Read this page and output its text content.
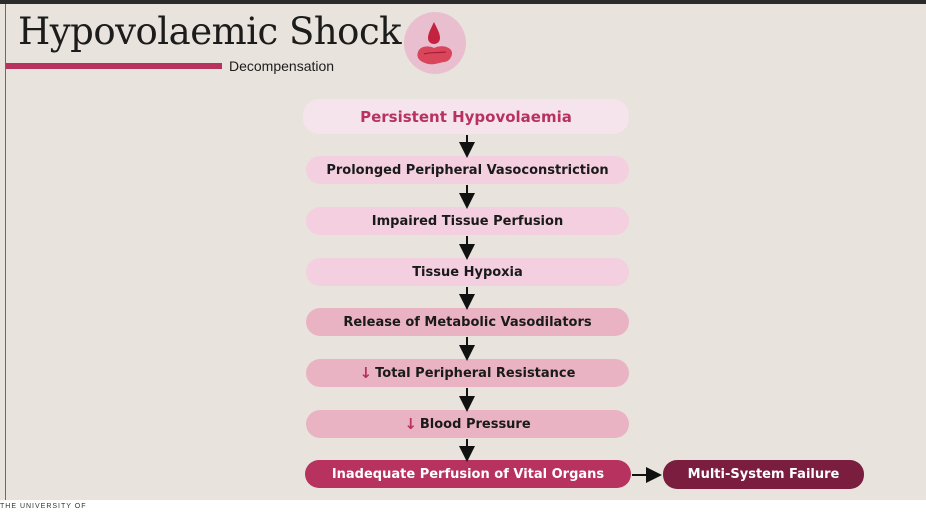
Hypovolaemic Shock
Decompensation
Persistent Hypovolaemia
Prolonged Peripheral Vasoconstriction
Impaired Tissue Perfusion
Tissue Hypoxia
Release of Metabolic Vasodilators
↓ Total Peripheral Resistance
↓ Blood Pressure
Inadequate Perfusion of Vital Organs	Multi-System Failure
THE UNIVERSITY OF
